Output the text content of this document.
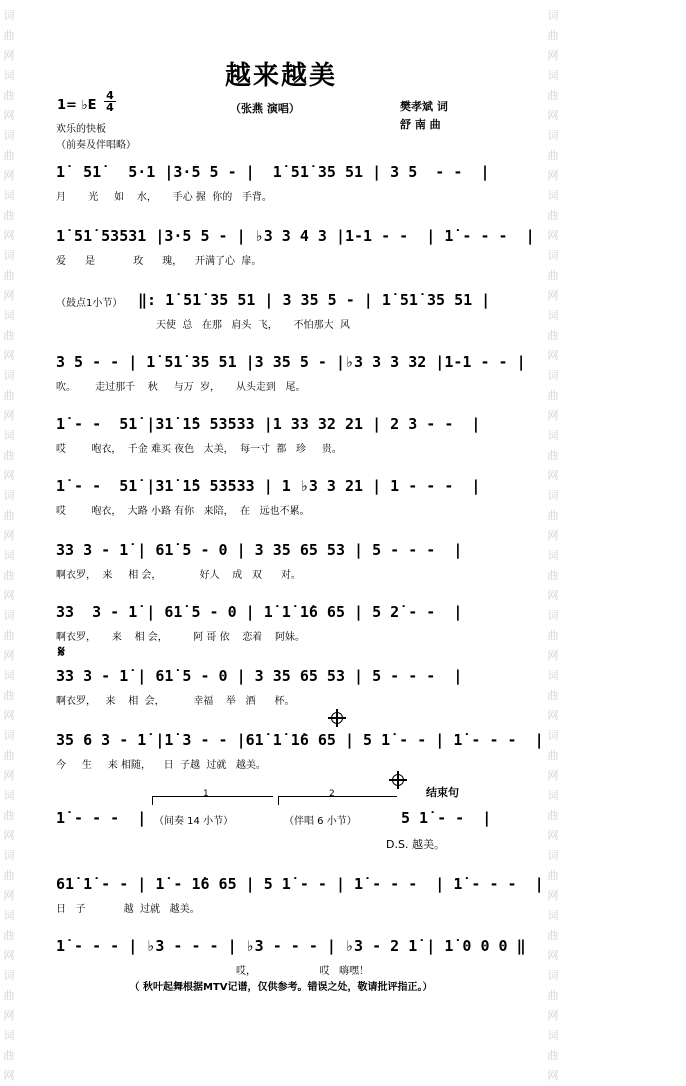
词曲网词曲网词曲网词曲网词曲网词曲网词曲网词曲网词曲网词曲网词曲网词曲网词曲网词曲网词曲网词曲网词曲网词曲网
词曲网词曲网词曲网词曲网词曲网词曲网词曲网词曲网词曲网词曲网词曲网词曲网词曲网词曲网词曲网词曲网词曲网词曲网
越来越美
1= ♭E
4
4	（张燕 演唱）	樊孝斌 词
舒 南 曲
欢乐的快板
（前奏及伴唱略）
1̇  51̇   5·1 |3·5 5 - |  1̇ 51̇ 35 51 | 3 5  - -  |
月       光     如    水，     手心 握  你的   手背。
1̇ 51̇ 53531 |3·5 5 - | ♭3 3 4 3 |1-1 - -  | 1̇ - - -  |
爱      是            玫      瑰，    开满了心  扉。
（鼓点1小节） ‖: 1̇ 51̇ 35 51 | 3 35 5 - | 1̇ 51̇ 35 51 |
天使  总   在那   肩头  飞，     不怕那大  风
3 5 - - | 1̇ 51̇ 35 51 |3 35 5 - |♭3 3 3 32 |1-1 - - |
吹。      走过那千    秋     与万  岁，     从头走到   尾。
1̇ - -  51̇ |31̇ 1̇5 53533 |1 33 32 21 | 2 3 - -  |
哎        咆衣，  千金 难买 夜色   太美，  每一寸  都   珍     贵。
1̇ - -  51̇ |31̇ 1̇5 53533 | 1 ♭3 3 21 | 1 - - -  |
哎        咆衣，  大路 小路 有你   来陪，  在   远也不累。
33 3 - 1̇ | 61̇ 5 - 0 | 3 35 65 53 | 5 - - -  |
啊衣罗，  来     相 会，            好人    成   双      对。
33  3 - 1̇ | 61̇ 5 - 0 | 1̇ 1̇ 1̇6 65 | 5 2̇ - -  |
啊衣罗，     来    相 会，        阿 哥 依    恋着    阿妹。
𝄋
33 3 - 1̇ | 61̇ 5 - 0 | 3 35 65 53 | 5 - - -  |
啊衣罗，   来    相  会，         幸福    举   酒      杯。
35 6 3 - 1̇ |1̇ 3 - - |61̇ 1̇ 1̇6 65 | 5 1̇ - - | 1̇ - - -  |
今     生     来 相随，    日  子越  过就   越美。
1̇ - - -  |
1	2
（间奏 14 小节）	（伴唱 6 小节）	5 1̇ - -  |
结束句
D.S. 越美。
61̇ 1̇ - - | 1̇ - 1̇6 65 | 5 1̇ - - | 1̇ - - -  | 1̇ - - -  |
日   子            越  过就   越美。
1̇ - - - | ♭3 - - - | ♭3 - - - | ♭3 - 2 1̇ | 1̇ 0 0 0 ‖
哎，                    哎   嗨嘿！
（ 秋叶起舞根据MTV记谱，仅供参考。错误之处，敬请批评指正。）
